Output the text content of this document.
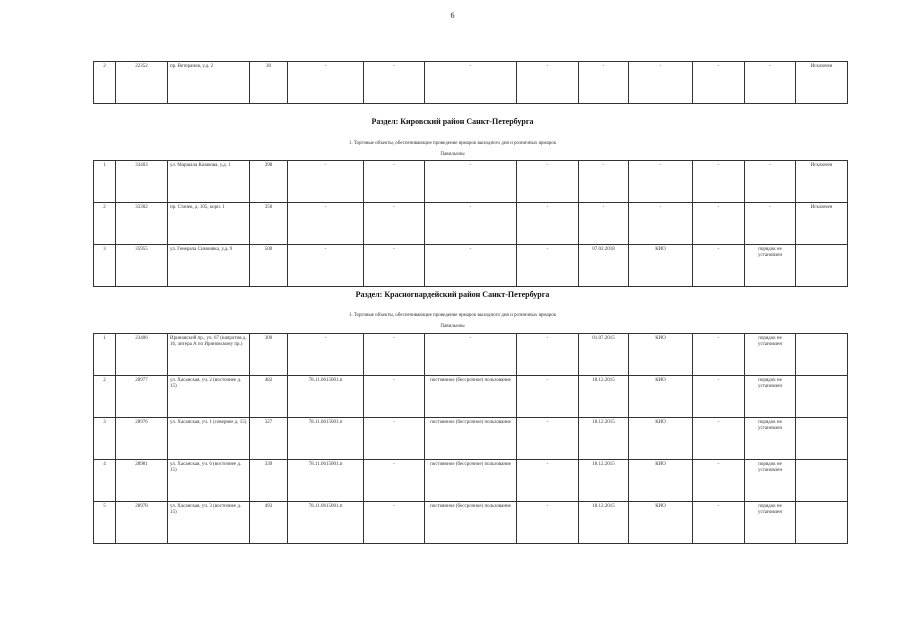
6
2	22352	пр. Ветеранов, у.д. 2	30	-	-	-	-	-	-	-	-	Исключен
Раздел: Кировский район Санкт-Петербурга
1. Торговые объекты, обеспечивающие проведение ярмарок выходного дня и розничных ярмарок
Павильоны
1	33403	ул. Маршала Казакова, у.д. 1	398	-	-	-	-	-	-	-	-	Исключен
2	33302	пр. Стачек, д. 105, корп. 1	350	-	-	-	-	-	-	-	-	Исключен
3	35955	ул. Генерала Симоняка, у.д. 9	500	-	-	-	-	07.02.2018	КИО	-	порядок не установлен	
Раздел: Красногвардейский район Санкт-Петербурга
1. Торговые объекты, обеспечивающие проведение ярмарок выходного дня и розничных ярмарок
Павильоны
1	23406	Ириновский пр., уч. 67 (напротив д. 16, литера А по Ириновскому пр.)	300	-	-	-	-	01.07.2015	КИО	-	порядок не установлен	
2	28977	ул. Хасанская, уч. 2 (восточнее д. 15)	482	78.11.0615001.п	-	постоянное (бессрочное) пользование	-	18.12.2015	КИО	-	порядок не установлен	
3	28976	ул. Хасанская, уч. 1 (севернее д. 15)	327	78.11.0615001.п	-	постоянное (бессрочное) пользование	-	18.12.2015	КИО	-	порядок не установлен	
4	28981	ул. Хасанская, уч. 6 (восточнее д. 15)	339	78.11.0615001.п	-	постоянное (бессрочное) пользование	-	18.12.2015	КИО	-	порядок не установлен	
5	28978	ул. Хасанская, уч. 3 (восточнее д. 15)	493	78.11.0615001.п	-	постоянное (бессрочное) пользование	-	18.12.2015	КИО	-	порядок не установлен	
